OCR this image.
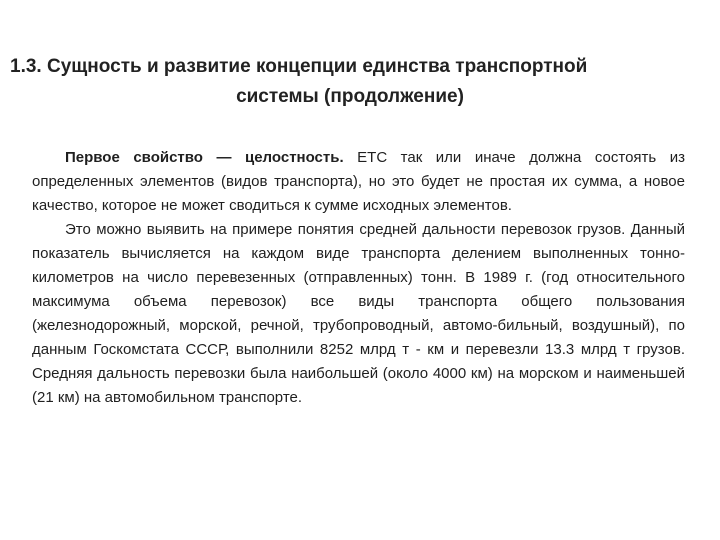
1.3. Сущность и развитие концепции единства транспортной
системы (продолжение)

Первое свойство — целостность. ЕТС так или иначе должна состоять из определенных элементов (видов транспорта), но это будет не простая их сумма, а новое качество, которое не может сводиться к сумме исходных элементов.

Это можно выявить на примере понятия средней дальности перевозок грузов. Данный показатель вычисляется на каждом виде транспорта делением выполненных тонно-километров на число перевезенных (отправленных) тонн. В 1989 г. (год относительного максимума объема перевозок) все виды транспорта общего пользования (железнодорожный, морской, речной, трубопроводный, автомо-бильный, воздушный), по данным Госкомстата СССР, выполнили 8252 млрд т - км и перевезли 13.3 млрд т грузов. Средняя дальность перевозки была наибольшей (около 4000 км) на морском и наименьшей (21 км) на автомобильном транспорте.
